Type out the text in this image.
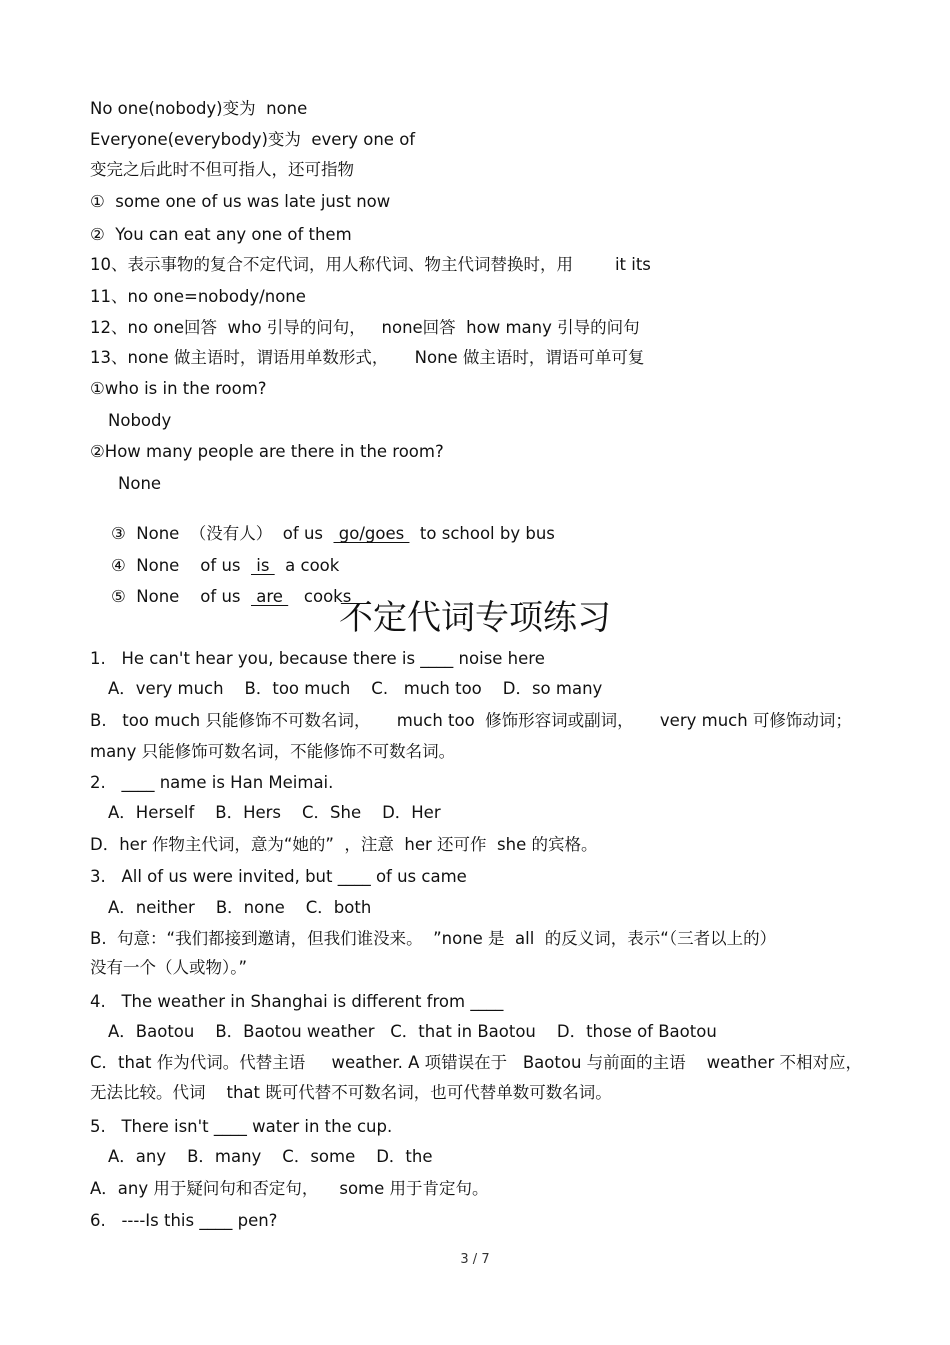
No one(nobody)变为  none
Everyone(everybody)变为  every one of
变完之后此时不但可指人，还可指物
①  some one of us was late just now
②  You can eat any one of them
10、表示事物的复合不定代词，用人称代词、物主代词替换时，用        it its
11、no one=nobody/none
12、no one回答  who 引导的问句，   none回答  how many 引导的问句
13、none 做主语时，谓语用单数形式，     None 做主语时，谓语可单可复
①who is in the room?
Nobody
②How many people are there in the room?
None

③  None  （没有人）  of us   go/goes   to school by bus

④  None    of us   is   a cook

⑤  None    of us   are    cooks

不定代词专项练习
1.   He can't hear you, because there is ____ noise here
A．very much    B．too much    C.   much too    D．so many
B.   too much 只能修饰不可数名词，     much too  修饰形容词或副词，     very much 可修饰动词；
many 只能修饰可数名词，不能修饰不可数名词。
2.   ____ name is Han Meimai.
A．Herself    B．Hers    C．She    D．Her
D．her 作物主代词，意为“她的”  ，注意  her 还可作  she 的宾格。
3.   All of us were invited, but ____ of us came
A．neither    B．none    C．both
B.  句意：“我们都接到邀请，但我们谁没来。  ”none 是  all  的反义词，表示“（三者以上的）
没有一个（人或物）。”
4.   The weather in Shanghai is different from ____
A．Baotou    B．Baotou weather   C．that in Baotou    D．those of Baotou
C．that 作为代词。代替主语     weather. A 项错误在于   Baotou 与前面的主语    weather 不相对应，
无法比较。代词    that 既可代替不可数名词，也可代替单数可数名词。
5.   There isn't ____ water in the cup.
A．any    B．many    C．some    D．the
A．any 用于疑问句和否定句，    some 用于肯定句。
6.   ----Is this ____ pen?
3 / 7
